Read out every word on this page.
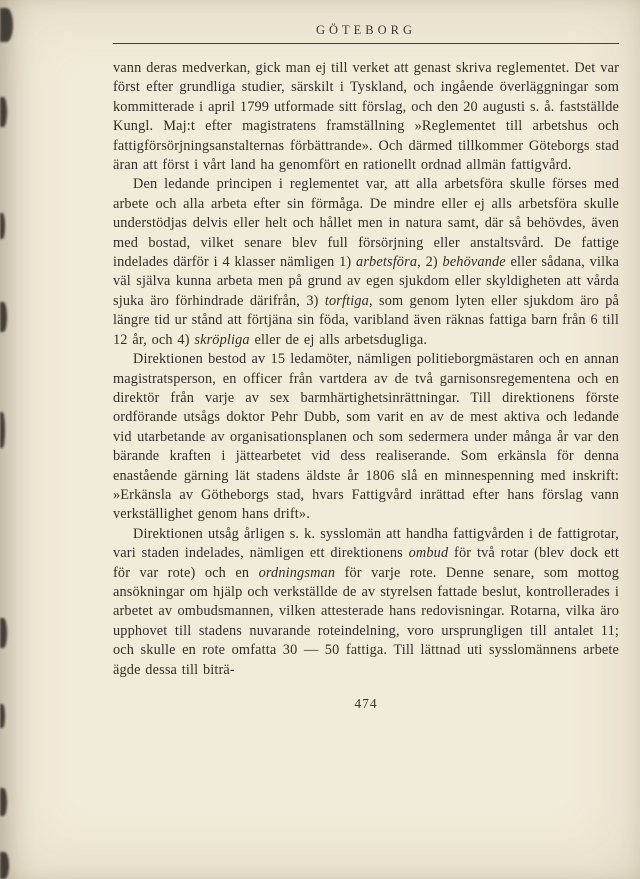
GÖTEBORG

vann deras medverkan, gick man ej till verket att genast skriva reglementet. Det var först efter grundliga studier, särskilt i Tyskland, och ingående överläggningar som kommitterade i april 1799 utformade sitt förslag, och den 20 augusti s. å. fastställde Kungl. Maj:t efter magistratens framställning »Reglementet till arbetshus och fattigförsörjningsanstalternas förbättrande». Och därmed tillkommer Göteborgs stad äran att först i vårt land ha genomfört en rationellt ordnad allmän fattigvård.

Den ledande principen i reglementet var, att alla arbetsföra skulle förses med arbete och alla arbeta efter sin förmåga. De mindre eller ej alls arbetsföra skulle understödjas delvis eller helt och hållet men in natura samt, där så behövdes, även med bostad, vilket senare blev full försörjning eller anstaltsvård. De fattige indelades därför i 4 klasser nämligen 1) arbetsföra, 2) behövande eller sådana, vilka väl själva kunna arbeta men på grund av egen sjukdom eller skyldigheten att vårda sjuka äro förhindrade därifrån, 3) torftiga, som genom lyten eller sjukdom äro på längre tid ur stånd att förtjäna sin föda, varibland även räknas fattiga barn från 6 till 12 år, och 4) skröpliga eller de ej alls arbetsdugliga.

Direktionen bestod av 15 ledamöter, nämligen politieborgmästaren och en annan magistratsperson, en officer från vartdera av de två garnisonsregementena och en direktör från varje av sex barmhärtighetsinrättningar. Till direktionens förste ordförande utsågs doktor Pehr Dubb, som varit en av de mest aktiva och ledande vid utarbetande av organisationsplanen och som sedermera under många år var den bärande kraften i jättearbetet vid dess realiserande. Som erkänsla för denna enastående gärning lät stadens äldste år 1806 slå en minnespenning med inskrift: »Erkänsla av Götheborgs stad, hvars Fattigvård inrättad efter hans förslag vann verkställighet genom hans drift».

Direktionen utsåg årligen s. k. sysslomän att handha fattigvården i de fattigrotar, vari staden indelades, nämligen ett direktionens ombud för två rotar (blev dock ett för var rote) och en ordningsman för varje rote. Denne senare, som mottog ansökningar om hjälp och verkställde de av styrelsen fattade beslut, kontrollerades i arbetet av ombudsmannen, vilken attesterade hans redovisningar. Rotarna, vilka äro upphovet till stadens nuvarande roteindelning, voro ursprungligen till antalet 11; och skulle en rote omfatta 30 — 50 fattiga. Till lättnad uti sysslomännens arbete ägde dessa till biträ-

474
